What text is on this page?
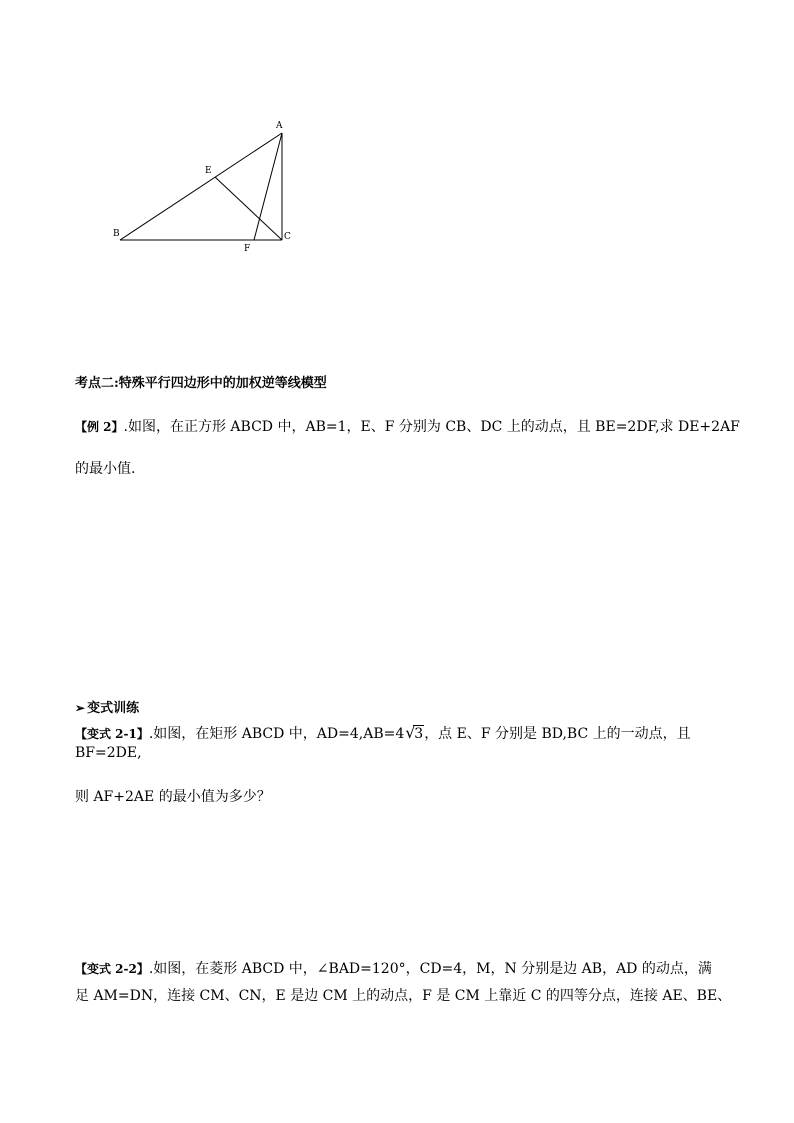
A
B	C
E
F
考点二:特殊平行四边形中的加权逆等线模型
【例 2】.如图，在正方形 ABCD 中，AB=1，E、F 分别为 CB、DC 上的动点，且 BE=2DF,求 DE+2AF
的最小值.
➢ 变式训练
【变式 2-1】.如图，在矩形 ABCD 中，AD=4,AB=4 √
3，点 E、F 分别是 BD,BC 上的一动点，且
BF=2DE,
则 AF+2AE 的最小值为多少？
【变式 2-2】.如图，在菱形 ABCD 中，∠BAD=120°，CD=4，M，N 分别是边 AB，AD 的动点，满
足 AM=DN，连接 CM、CN，E 是边 CM 上的动点，F 是 CM 上靠近 C 的四等分点，连接 AE、BE、
